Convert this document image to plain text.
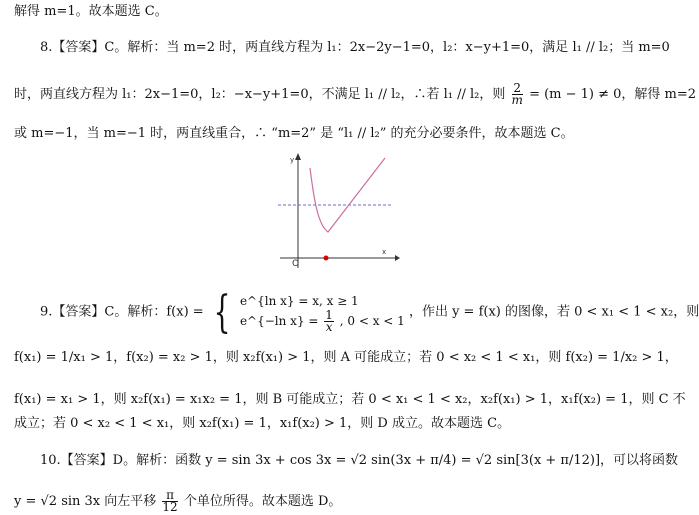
解得 m=1。故本题选 C。
8.【答案】C。解析：当 m=2 时，两直线方程为 l₁：2x−2y−1=0，l₂：x−y+1=0，满足 l₁ // l₂；当 m=0
时，两直线方程为 l₁：2x−1=0，l₂：−x−y+1=0，不满足 l₁ // l₂，∴若 l₁ // l₂，则 $\frac{2}{m} = (m - 1) \ne 0$，解得 m=2
或 m=−1，当 m=−1 时，两直线重合，∴ “m=2” 是 “l₁ // l₂” 的充分必要条件，故本题选 C。
y
x
O
9.【答案】C。解析：f(x) = { e^{ln x} = x, x ≥ 1
e^{−ln $x\} = \frac{1}{x}$ , 0 < x < 1
，作出 y = f(x) 的图像，若 0 < x₁ < 1 < x₂，则
f(x₁) = 1/x₁ > 1，f(x₂) = x₂ > 1，则 x₂f(x₁) > 1，则 A 可能成立；若 0 < x₂ < 1 < x₁，则 f(x₂) = 1/x₂ > 1，
f(x₁) = x₁ > 1，则 x₂f(x₁) = x₁x₂ = 1，则 B 可能成立；若 0 < x₁ < 1 < x₂，x₂f(x₁) > 1，x₁f(x₂) = 1，则 C 不
成立；若 0 < x₂ < 1 < x₁，则 x₂f(x₁) = 1，x₁f(x₂) > 1，则 D 成立。故本题选 C。
10.【答案】D。解析：函数 y = sin 3x + cos 3x = √2 sin(3x + π/4) = √2 sin[3(x + π/12)]，可以将函数
y = √2 sin 3x 向左平移 $\frac{\pi}{12}$ 个单位所得。故本题选 D。
